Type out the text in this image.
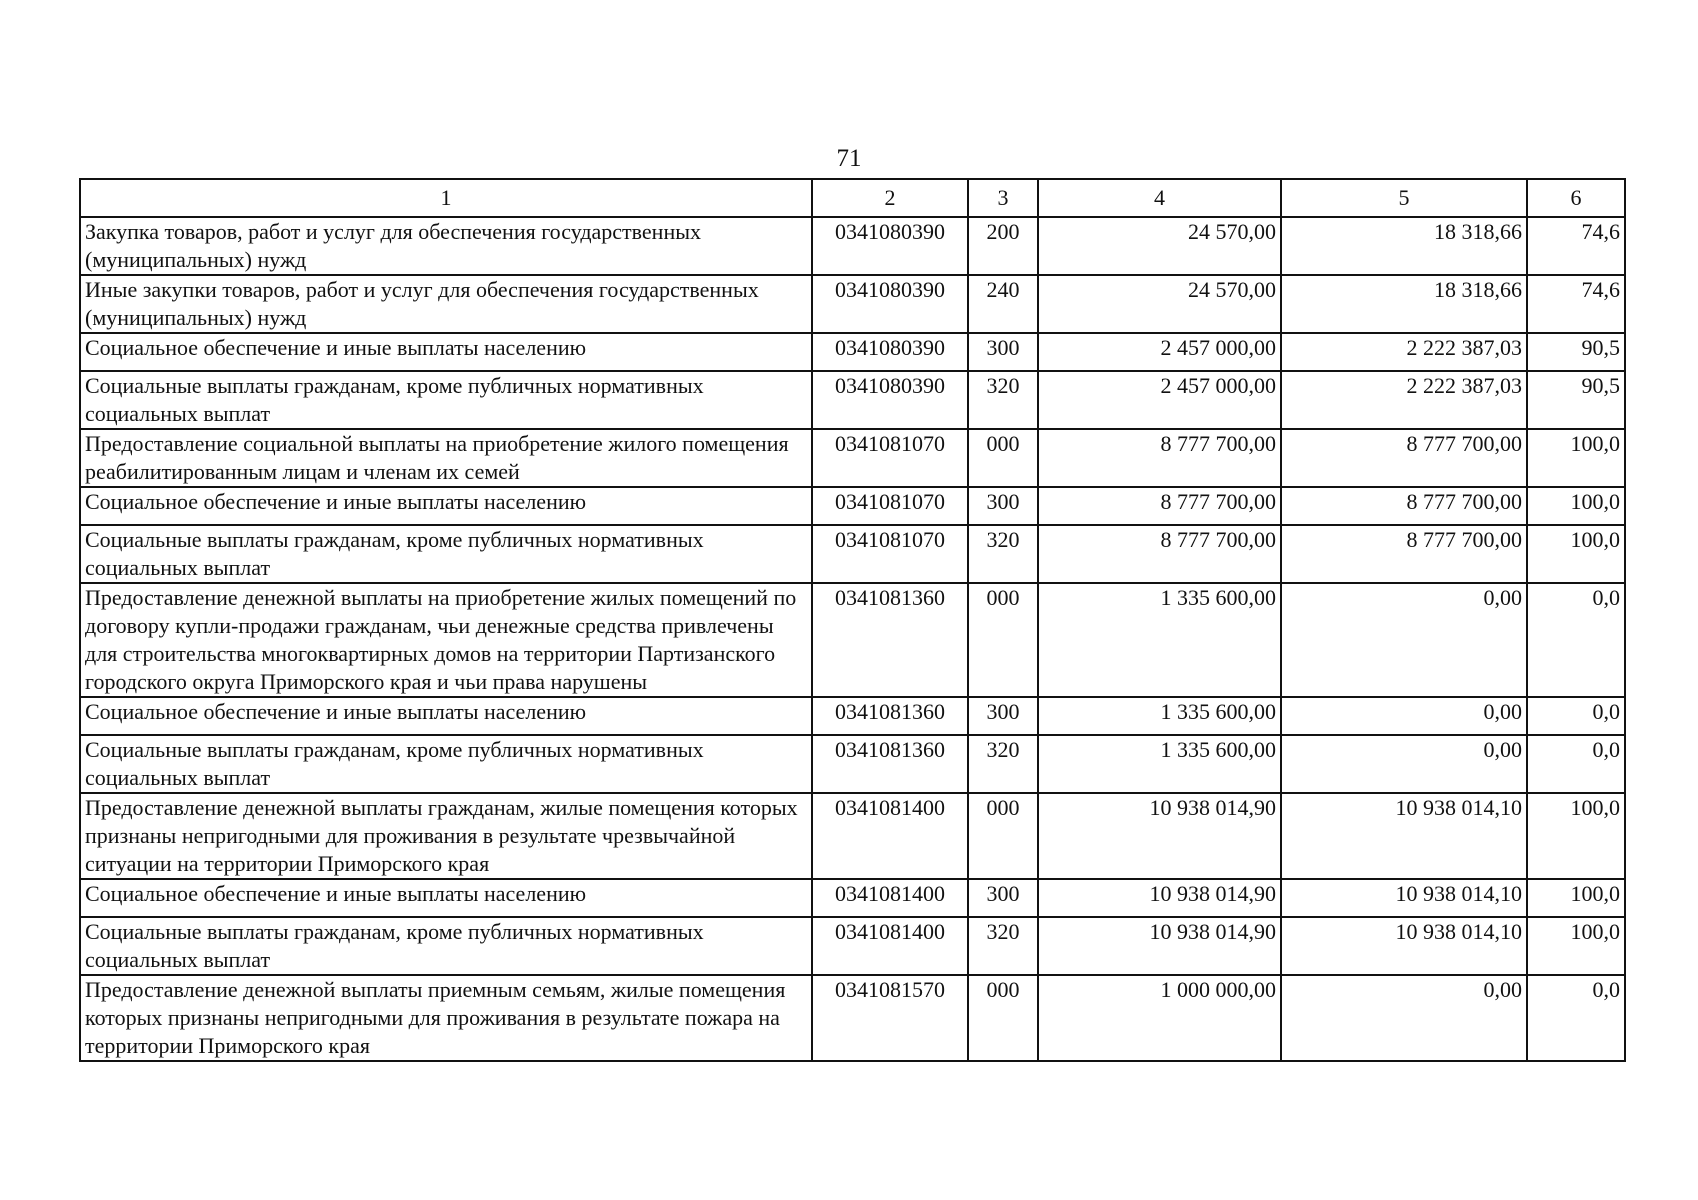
71
1	2	3	4	5	6
Закупка товаров, работ и услуг для обеспечения государственных (муниципальных) нужд	0341080390	200	24 570,00	18 318,66	74,6
Иные закупки товаров, работ и услуг для обеспечения государственных (муниципальных) нужд	0341080390	240	24 570,00	18 318,66	74,6
Социальное обеспечение и иные выплаты населению	0341080390	300	2 457 000,00	2 222 387,03	90,5
Социальные выплаты гражданам, кроме публичных нормативных социальных выплат	0341080390	320	2 457 000,00	2 222 387,03	90,5
Предоставление социальной выплаты на приобретение жилого помещения реабилитированным лицам и членам их семей	0341081070	000	8 777 700,00	8 777 700,00	100,0
Социальное обеспечение и иные выплаты населению	0341081070	300	8 777 700,00	8 777 700,00	100,0
Социальные выплаты гражданам, кроме публичных нормативных социальных выплат	0341081070	320	8 777 700,00	8 777 700,00	100,0
Предоставление денежной выплаты на приобретение жилых помещений по договору купли-продажи гражданам, чьи денежные средства привлечены для строительства многоквартирных домов на территории Партизанского городского округа Приморского края и чьи права нарушены	0341081360	000	1 335 600,00	0,00	0,0
Социальное обеспечение и иные выплаты населению	0341081360	300	1 335 600,00	0,00	0,0
Социальные выплаты гражданам, кроме публичных нормативных социальных выплат	0341081360	320	1 335 600,00	0,00	0,0
Предоставление денежной выплаты гражданам, жилые помещения которых признаны непригодными для проживания в результате чрезвычайной ситуации на территории Приморского края	0341081400	000	10 938 014,90	10 938 014,10	100,0
Социальное обеспечение и иные выплаты населению	0341081400	300	10 938 014,90	10 938 014,10	100,0
Социальные выплаты гражданам, кроме публичных нормативных социальных выплат	0341081400	320	10 938 014,90	10 938 014,10	100,0
Предоставление денежной выплаты приемным семьям, жилые помещения которых признаны непригодными для проживания в результате пожара на территории Приморского края	0341081570	000	1 000 000,00	0,00	0,0
